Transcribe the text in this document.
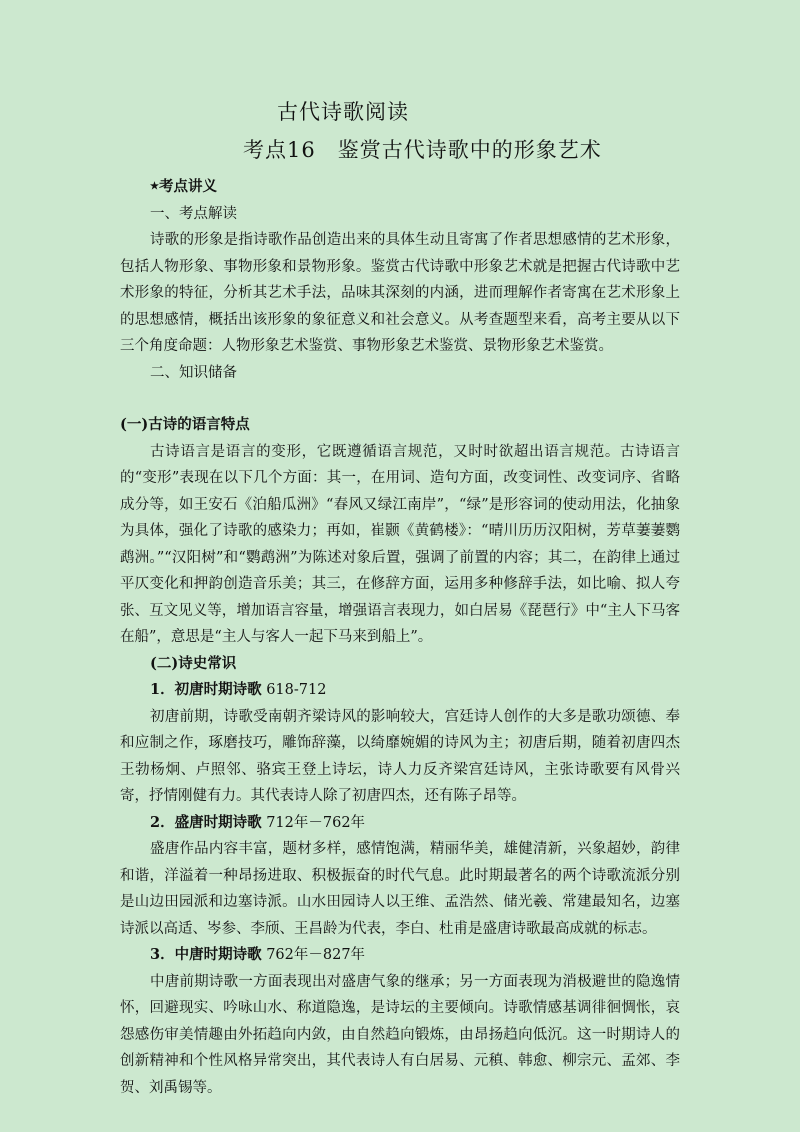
古代诗歌阅读
考点16 鉴赏古代诗歌中的形象艺术

★考点讲义

一、考点解读

诗歌的形象是指诗歌作品创造出来的具体生动且寄寓了作者思想感情的艺术形象，包括人物形象、事物形象和景物形象。鉴赏古代诗歌中形象艺术就是把握古代诗歌中艺术形象的特征，分析其艺术手法，品味其深刻的内涵，进而理解作者寄寓在艺术形象上的思想感情，概括出该形象的象征意义和社会意义。从考查题型来看，高考主要从以下三个角度命题：人物形象艺术鉴赏、事物形象艺术鉴赏、景物形象艺术鉴赏。

二、知识储备

(一)古诗的语言特点

古诗语言是语言的变形，它既遵循语言规范，又时时欲超出语言规范。古诗语言的“变形”表现在以下几个方面：其一，在用词、造句方面，改变词性、改变词序、省略成分等，如王安石《泊船瓜洲》“春风又绿江南岸”，“绿”是形容词的使动用法，化抽象为具体，强化了诗歌的感染力；再如，崔颢《黄鹤楼》：“晴川历历汉阳树，芳草萋萋鹦鹉洲。”“汉阳树”和“鹦鹉洲”为陈述对象后置，强调了前置的内容；其二，在韵律上通过平仄变化和押韵创造音乐美；其三，在修辞方面，运用多种修辞手法，如比喻、拟人夸张、互文见义等，增加语言容量，增强语言表现力，如白居易《琵琶行》中“主人下马客在船”，意思是“主人与客人一起下马来到船上”。

(二)诗史常识

1．初唐时期诗歌 618-712

初唐前期，诗歌受南朝齐梁诗风的影响较大，宫廷诗人创作的大多是歌功颂德、奉和应制之作，琢磨技巧，雕饰辞藻，以绮靡婉媚的诗风为主；初唐后期，随着初唐四杰王勃杨炯、卢照邻、骆宾王登上诗坛，诗人力反齐梁宫廷诗风，主张诗歌要有风骨兴寄，抒情刚健有力。其代表诗人除了初唐四杰，还有陈子昂等。

2．盛唐时期诗歌 712年－762年

盛唐作品内容丰富，题材多样，感情饱满，精丽华美，雄健清新，兴象超妙，韵律和谐，洋溢着一种昂扬进取、积极振奋的时代气息。此时期最著名的两个诗歌流派分别是山边田园派和边塞诗派。山水田园诗人以王维、孟浩然、储光羲、常建最知名，边塞诗派以高适、岑参、李颀、王昌龄为代表，李白、杜甫是盛唐诗歌最高成就的标志。

3．中唐时期诗歌 762年－827年

中唐前期诗歌一方面表现出对盛唐气象的继承；另一方面表现为消极避世的隐逸情怀，回避现实、吟咏山水、称道隐逸，是诗坛的主要倾向。诗歌情感基调徘徊惆怅，哀怨感伤审美情趣由外拓趋向内敛，由自然趋向锻炼，由昂扬趋向低沉。这一时期诗人的创新精神和个性风格异常突出，其代表诗人有白居易、元稹、韩愈、柳宗元、孟郊、李贺、刘禹锡等。
